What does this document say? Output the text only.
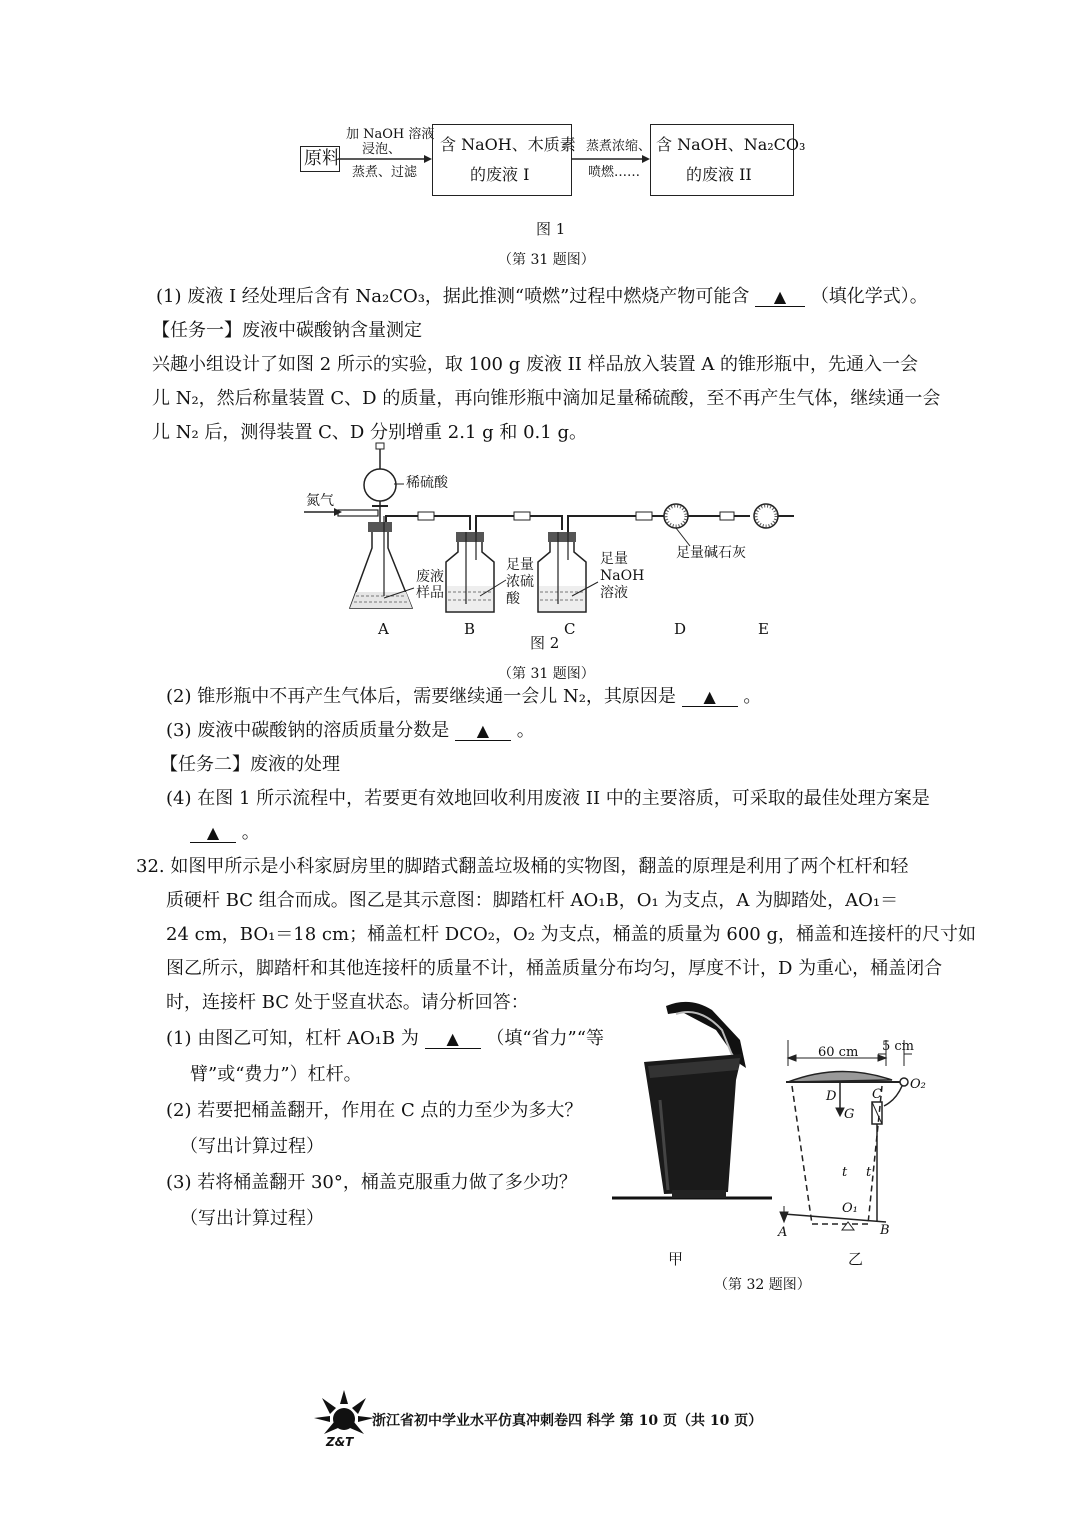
原料
加 NaOH 溶液
浸泡、
蒸煮、过滤
含 NaOH、木质素
的废液 I
蒸煮浓缩、
喷燃……
含 NaOH、Na₂CO₃
的废液 II
图 1
（第 31 题图）
(1) 废液 I 经处理后含有 Na₂CO₃，据此推测“喷燃”过程中燃烧产物可能含 ▲ （填化学式）。
【任务一】废液中碳酸钠含量测定
兴趣小组设计了如图 2 所示的实验，取 100 g 废液 II 样品放入装置 A 的锥形瓶中，先通入一会
儿 N₂，然后称量装置 C、D 的质量，再向锥形瓶中滴加足量稀硫酸，至不再产生气体，继续通一会
儿 N₂ 后，测得装置 C、D 分别增重 2.1 g 和 0.1 g。
氮气
稀硫酸
废液
样品
足量
浓硫
酸
足量
NaOH
溶液
足量碱石灰
A	B	C	D	E
图 2
（第 31 题图）
(2) 锥形瓶中不再产生气体后，需要继续通一会儿 N₂，其原因是 ▲ 。
(3) 废液中碳酸钠的溶质质量分数是 ▲ 。
【任务二】废液的处理
(4) 在图 1 所示流程中，若要更有效地回收利用废液 II 中的主要溶质，可采取的最佳处理方案是
▲ 。
32. 如图甲所示是小科家厨房里的脚踏式翻盖垃圾桶的实物图，翻盖的原理是利用了两个杠杆和轻
质硬杆 BC 组合而成。图乙是其示意图：脚踏杠杆 AO₁B，O₁ 为支点，A 为脚踏处，AO₁＝
24 cm，BO₁＝18 cm；桶盖杠杆 DCO₂，O₂ 为支点，桶盖的质量为 600 g，桶盖和连接杆的尺寸如
图乙所示，脚踏杆和其他连接杆的质量不计，桶盖质量分布均匀，厚度不计，D 为重心，桶盖闭合
时，连接杆 BC 处于竖直状态。请分析回答：
(1) 由图乙可知，杠杆 AO₁B 为 ▲ （填“省力”“等
臂”或“费力”）杠杆。
(2) 若要把桶盖翻开，作用在 C 点的力至少为多大？
（写出计算过程）
(3) 若将桶盖翻开 30°，桶盖克服重力做了多少功？
（写出计算过程）
60 cm 5 cm
D	C
G
O₂
t t
O₁
A	B
甲	乙
（第 32 题图）
Z&T
浙江省初中学业水平仿真冲刺卷四 科学 第 10 页（共 10 页）
